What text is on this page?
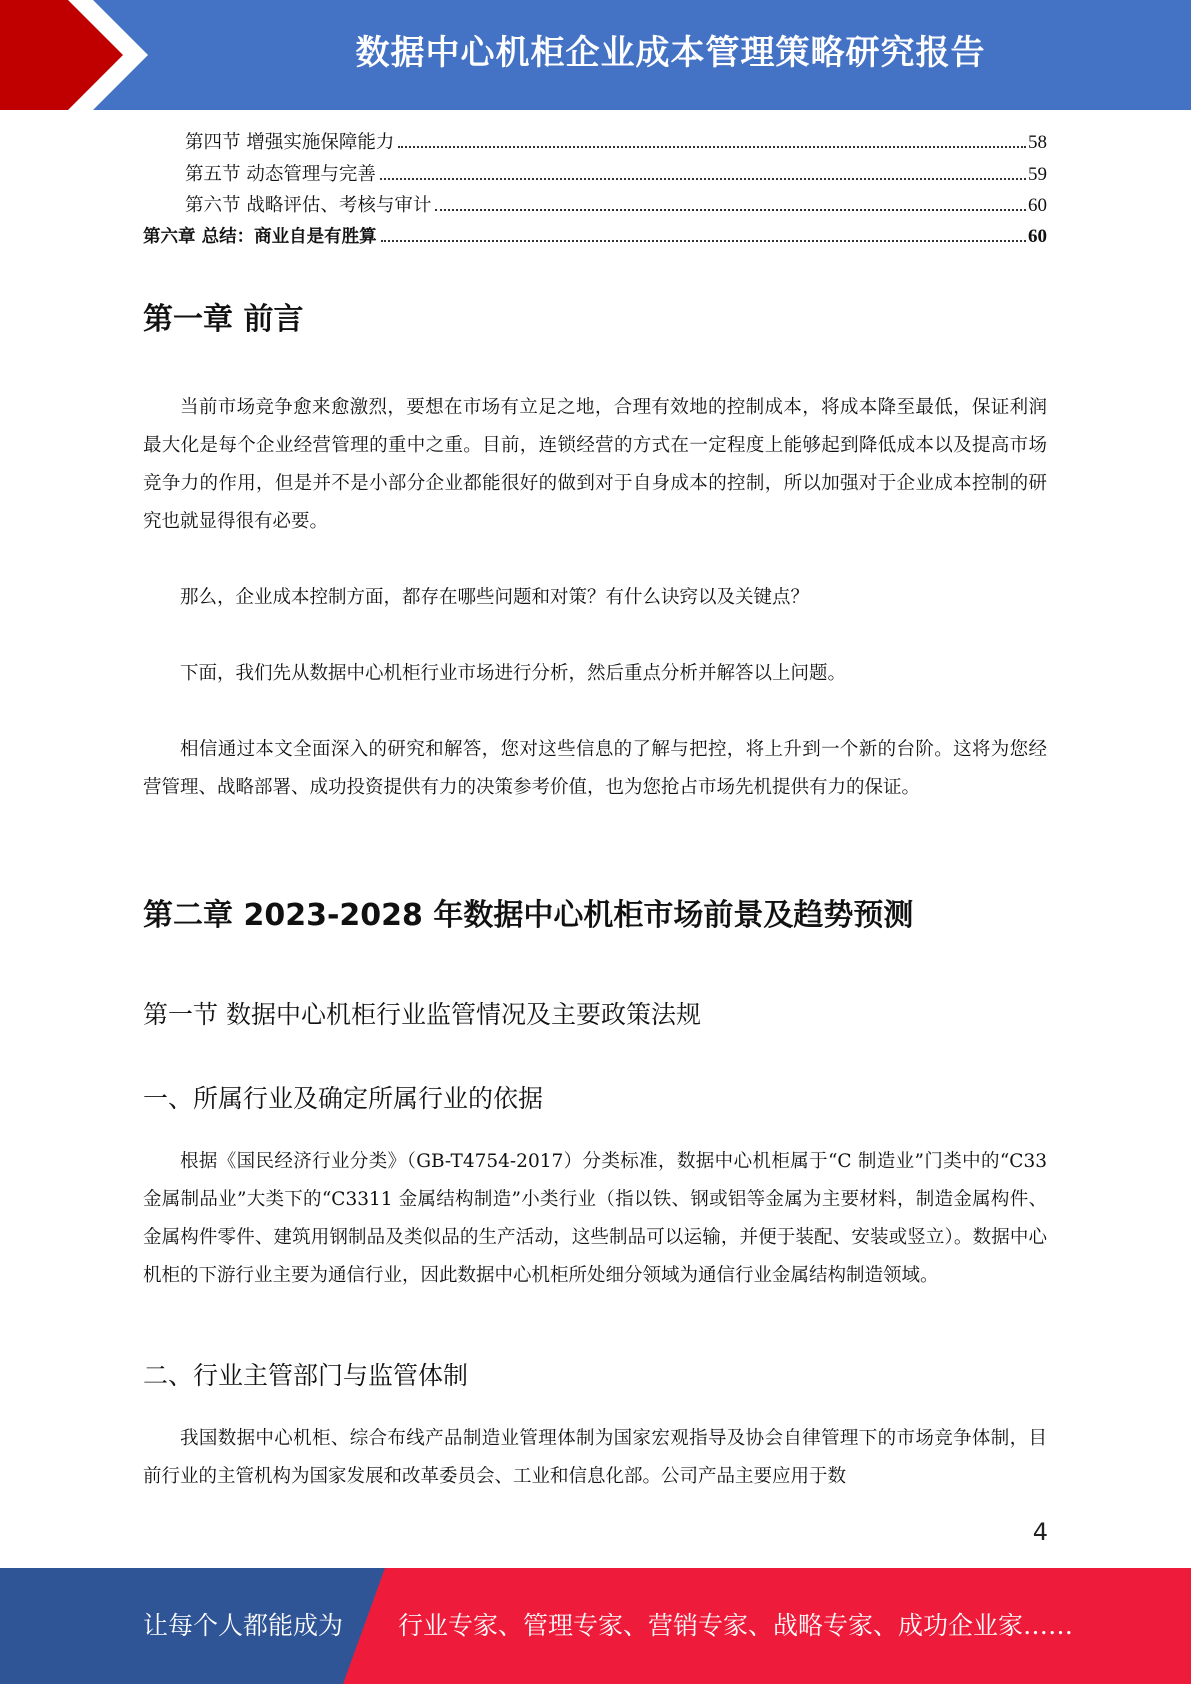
数据中心机柜企业成本管理策略研究报告
第四节 增强实施保障能力	58
第五节 动态管理与完善	59
第六节 战略评估、考核与审计	60
第六章 总结：商业自是有胜算	60
第一章 前言
当前市场竞争愈来愈激烈，要想在市场有立足之地，合理有效地的控制成本，将成本降至最低，保证利润最大化是每个企业经营管理的重中之重。目前，连锁经营的方式在一定程度上能够起到降低成本以及提高市场竞争力的作用，但是并不是小部分企业都能很好的做到对于自身成本的控制，所以加强对于企业成本控制的研究也就显得很有必要。
那么，企业成本控制方面，都存在哪些问题和对策？有什么诀窍以及关键点？
下面，我们先从数据中心机柜行业市场进行分析，然后重点分析并解答以上问题。
相信通过本文全面深入的研究和解答，您对这些信息的了解与把控，将上升到一个新的台阶。这将为您经营管理、战略部署、成功投资提供有力的决策参考价值，也为您抢占市场先机提供有力的保证。
第二章 2023-2028 年数据中心机柜市场前景及趋势预测
第一节 数据中心机柜行业监管情况及主要政策法规
一、所属行业及确定所属行业的依据
根据《国民经济行业分类》（GB-T4754-2017）分类标准，数据中心机柜属于“C 制造业”门类中的“C33 金属制品业”大类下的“C3311 金属结构制造”小类行业（指以铁、钢或铝等金属为主要材料，制造金属构件、金属构件零件、建筑用钢制品及类似品的生产活动，这些制品可以运输，并便于装配、安装或竖立）。数据中心机柜的下游行业主要为通信行业，因此数据中心机柜所处细分领域为通信行业金属结构制造领域。
二、行业主管部门与监管体制
我国数据中心机柜、综合布线产品制造业管理体制为国家宏观指导及协会自律管理下的市场竞争体制，目前行业的主管机构为国家发展和改革委员会、工业和信息化部。公司产品主要应用于数
4
让每个人都能成为 行业专家、管理专家、营销专家、战略专家、成功企业家……
